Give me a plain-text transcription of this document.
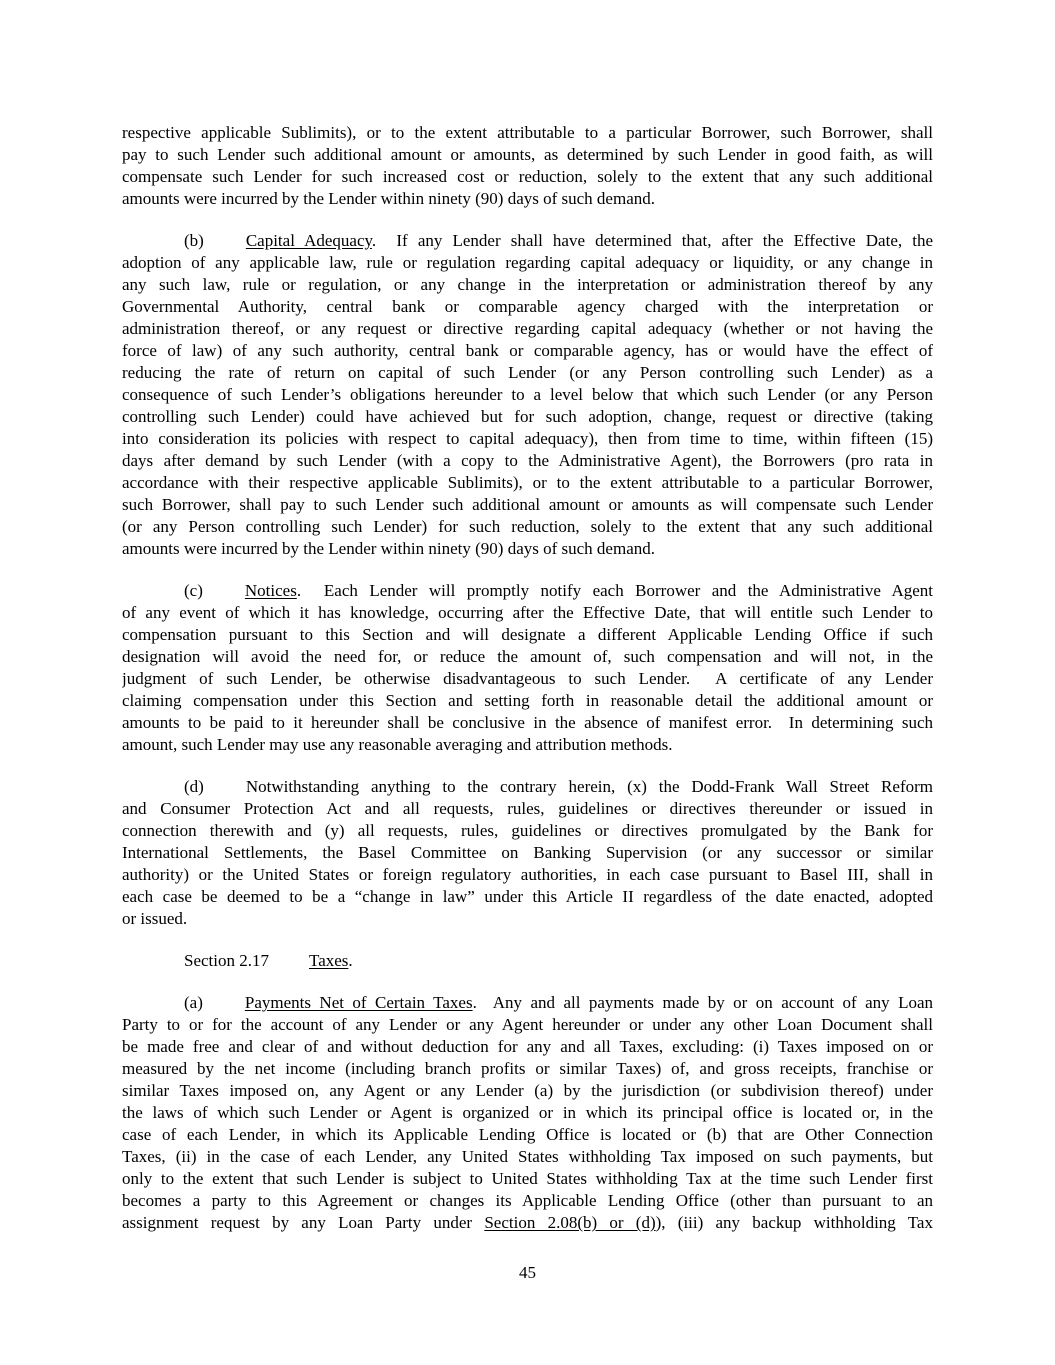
respective applicable Sublimits), or to the extent attributable to a particular Borrower, such Borrower, shall
pay to such Lender such additional amount or amounts, as determined by such Lender in good faith, as will
compensate such Lender for such increased cost or reduction, solely to the extent that any such additional
amounts were incurred by the Lender within ninety (90) days of such demand.
(b) Capital Adequacy.  If any Lender shall have determined that, after the Effective Date, the
adoption of any applicable law, rule or regulation regarding capital adequacy or liquidity, or any change in
any such law, rule or regulation, or any change in the interpretation or administration thereof by any
Governmental Authority, central bank or comparable agency charged with the interpretation or
administration thereof, or any request or directive regarding capital adequacy (whether or not having the
force of law) of any such authority, central bank or comparable agency, has or would have the effect of
reducing the rate of return on capital of such Lender (or any Person controlling such Lender) as a
consequence of such Lender’s obligations hereunder to a level below that which such Lender (or any Person
controlling such Lender) could have achieved but for such adoption, change, request or directive (taking
into consideration its policies with respect to capital adequacy), then from time to time, within fifteen (15)
days after demand by such Lender (with a copy to the Administrative Agent), the Borrowers (pro rata in
accordance with their respective applicable Sublimits), or to the extent attributable to a particular Borrower,
such Borrower, shall pay to such Lender such additional amount or amounts as will compensate such Lender
(or any Person controlling such Lender) for such reduction, solely to the extent that any such additional
amounts were incurred by the Lender within ninety (90) days of such demand.
(c) Notices.  Each Lender will promptly notify each Borrower and the Administrative Agent
of any event of which it has knowledge, occurring after the Effective Date, that will entitle such Lender to
compensation pursuant to this Section and will designate a different Applicable Lending Office if such
designation will avoid the need for, or reduce the amount of, such compensation and will not, in the
judgment of such Lender, be otherwise disadvantageous to such Lender.  A certificate of any Lender
claiming compensation under this Section and setting forth in reasonable detail the additional amount or
amounts to be paid to it hereunder shall be conclusive in the absence of manifest error.  In determining such
amount, such Lender may use any reasonable averaging and attribution methods.
(d) Notwithstanding anything to the contrary herein, (x) the Dodd-Frank Wall Street Reform
and Consumer Protection Act and all requests, rules, guidelines or directives thereunder or issued in
connection therewith and (y) all requests, rules, guidelines or directives promulgated by the Bank for
International Settlements, the Basel Committee on Banking Supervision (or any successor or similar
authority) or the United States or foreign regulatory authorities, in each case pursuant to Basel III, shall in
each case be deemed to be a “change in law” under this Article II regardless of the date enacted, adopted
or issued.
Section 2.17 Taxes.
(a) Payments Net of Certain Taxes.  Any and all payments made by or on account of any Loan
Party to or for the account of any Lender or any Agent hereunder or under any other Loan Document shall
be made free and clear of and without deduction for any and all Taxes, excluding: (i) Taxes imposed on or
measured by the net income (including branch profits or similar Taxes) of, and gross receipts, franchise or
similar Taxes imposed on, any Agent or any Lender (a) by the jurisdiction (or subdivision thereof) under
the laws of which such Lender or Agent is organized or in which its principal office is located or, in the
case of each Lender, in which its Applicable Lending Office is located or (b) that are Other Connection
Taxes, (ii) in the case of each Lender, any United States withholding Tax imposed on such payments, but
only to the extent that such Lender is subject to United States withholding Tax at the time such Lender first
becomes a party to this Agreement or changes its Applicable Lending Office (other than pursuant to an
assignment request by any Loan Party under Section 2.08(b) or (d)), (iii) any backup withholding Tax
45
